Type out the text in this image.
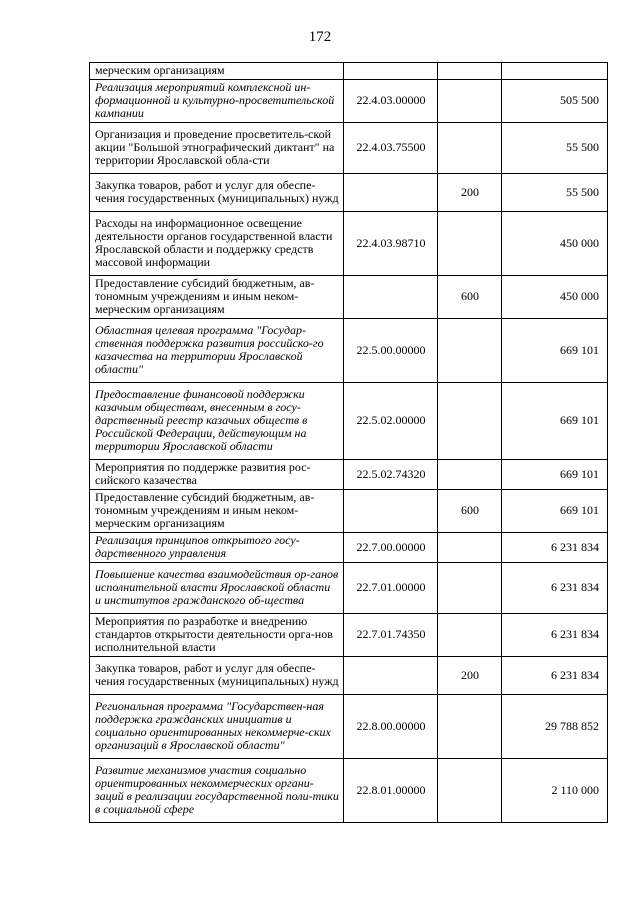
172
мерческим организациям			
Реализация мероприятий комплексной ин-формационной и культурно-просветительской кампании	22.4.03.00000		505 500
Организация и проведение просветитель-ской акции "Большой этнографический диктант" на территории Ярославской обла-сти	22.4.03.75500		55 500
Закупка товаров, работ и услуг для обеспе-чения государственных (муниципальных) нужд		200	55 500
Расходы на информационное освещение деятельности органов государственной власти Ярославской области и поддержку средств массовой информации	22.4.03.98710		450 000
Предоставление субсидий бюджетным, ав-тономным учреждениям и иным неком-мерческим организациям		600	450 000
Областная целевая программа "Государ-ственная поддержка развития российско-го казачества на территории Ярославской области"	22.5.00.00000		669 101
Предоставление финансовой поддержки казачьим обществам, внесенным в госу-дарственный реестр казачьих обществ в Российской Федерации, действующим на территории Ярославской области	22.5.02.00000		669 101
Мероприятия по поддержке развития рос-сийского казачества	22.5.02.74320		669 101
Предоставление субсидий бюджетным, ав-тономным учреждениям и иным неком-мерческим организациям		600	669 101
Реализация принципов открытого госу-дарственного управления	22.7.00.00000		6 231 834
Повышение качества взаимодействия ор-ганов исполнительной власти Ярославской области и институтов гражданского об-щества	22.7.01.00000		6 231 834
Мероприятия по разработке и внедрению стандартов открытости деятельности орга-нов исполнительной власти	22.7.01.74350		6 231 834
Закупка товаров, работ и услуг для обеспе-чения государственных (муниципальных) нужд		200	6 231 834
Региональная программа "Государствен-ная поддержка гражданских инициатив и социально ориентированных некоммерче-ских организаций в Ярославской области"	22.8.00.00000		29 788 852
Развитие механизмов участия социально ориентированных некоммерческих органи-заций в реализации государственной поли-тики в социальной сфере	22.8.01.00000		2 110 000
